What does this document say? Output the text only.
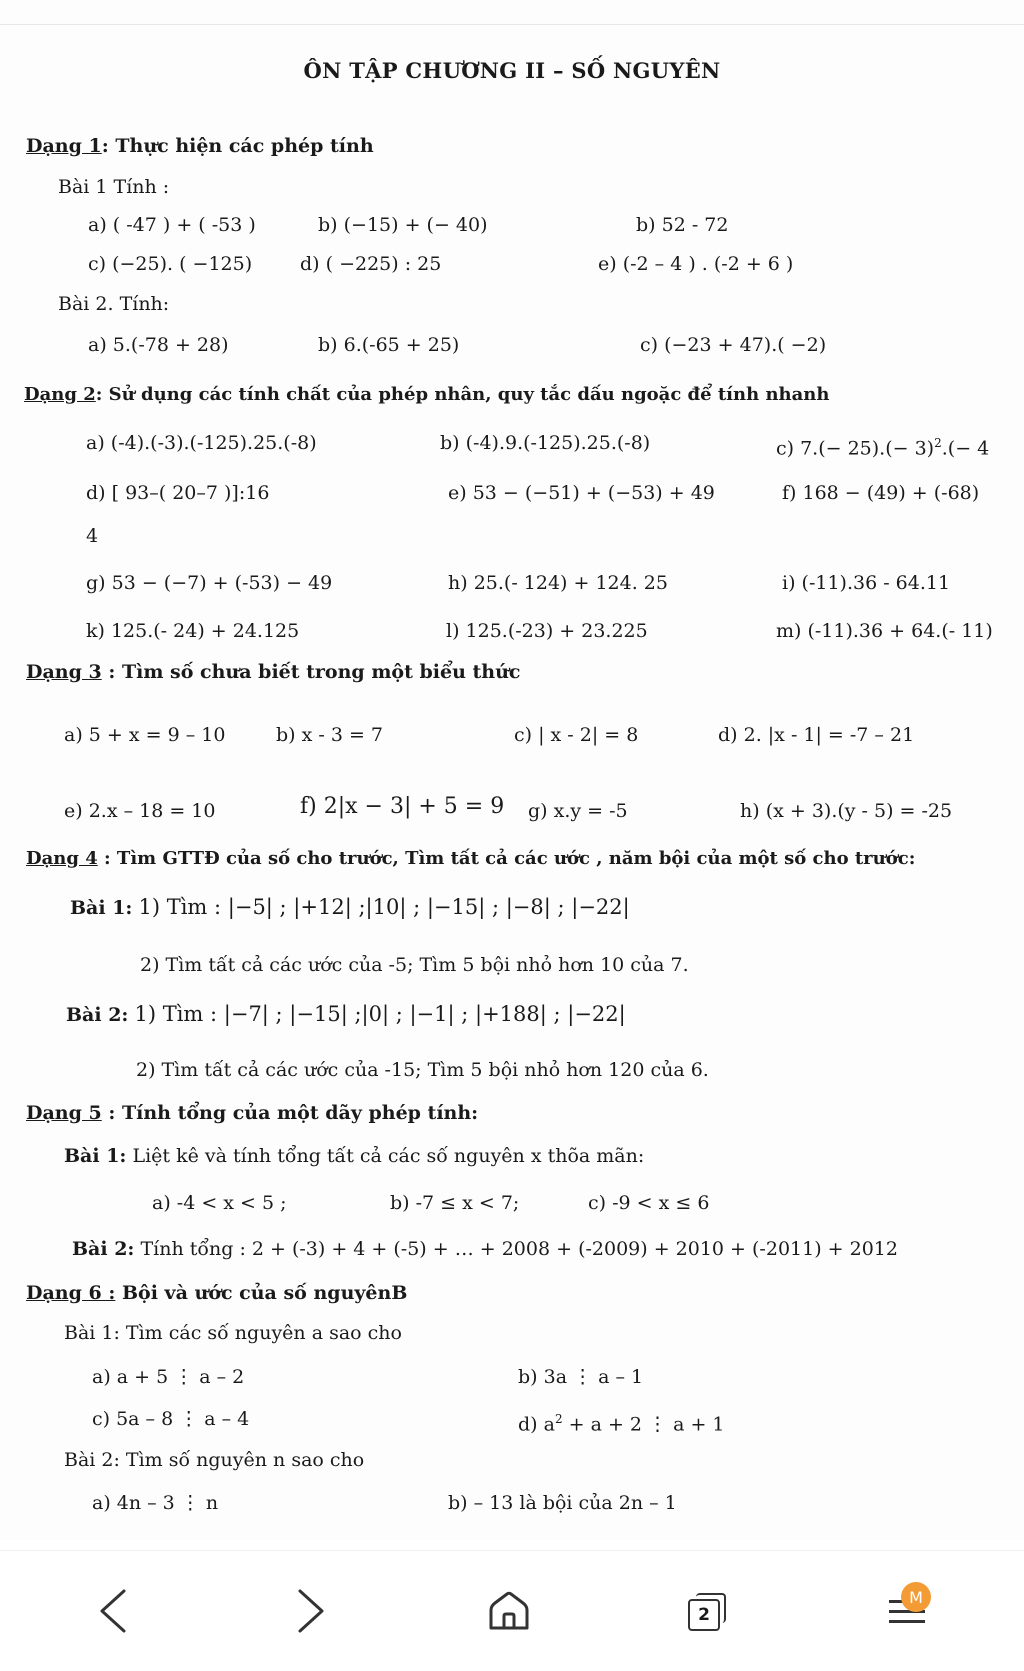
ÔN TẬP CHƯƠNG II – SỐ NGUYÊN
Dạng 1: Thực hiện các phép tính
Bài 1 Tính :
a) ( -47 ) + ( -53 )	b) (−15) + (− 40)	b) 52 - 72
c) (−25). ( −125)	d) ( −225) : 25	e) (-2 – 4 ) . (-2 + 6 )
Bài 2. Tính:
a) 5.(-78 + 28)	b) 6.(-65 + 25)	c) (−23 + 47).( −2)
Dạng 2: Sử dụng các tính chất của phép nhân, quy tắc dấu ngoặc để tính nhanh
a) (-4).(-3).(-125).25.(-8)	b) (-4).9.(-125).25.(-8)	c) $7.(- 25).(- 3)^2.(- 4$
d) [ 93–( 20–7 )]:16	e) 53 − (−51) + (−53) + 49	f) 168 − (49) + (-68)
4
g) 53 − (−7) + (-53) − 49	h) 25.(- 124) + 124. 25	i) (-11).36 - 64.11
k) 125.(- 24) + 24.125	l) 125.(-23) + 23.225	m) (-11).36 + 64.(- 11)
Dạng 3 : Tìm số chưa biết trong một biểu thức
a) 5 + x = 9 – 10	b) x - 3 = 7	c) | x - 2| = 8	d) 2. |x - 1| = -7 – 21
e) 2.x – 18 = 10	f) 2|x − 3| + 5 = 9 g) x.y = -5	h) (x + 3).(y - 5) = -25
Dạng 4 : Tìm GTTĐ của số cho trước, Tìm tất cả các ước , năm bội của một số cho trước:
Bài 1: 1) Tìm : |−5| ; |+12| ;|10| ; |−15| ; |−8| ; |−22|
2) Tìm tất cả các ước của -5; Tìm 5 bội nhỏ hơn 10 của 7.
Bài 2: 1) Tìm : |−7| ; |−15| ;|0| ; |−1| ; |+188| ; |−22|
2) Tìm tất cả các ước của -15; Tìm 5 bội nhỏ hơn 120 của 6.
Dạng 5 : Tính tổng của một dãy phép tính:
Bài 1: Liệt kê và tính tổng tất cả các số nguyên x thõa mãn:
a) -4 < x < 5 ;	b) -7 ≤ x < 7;	c) -9 < x ≤ 6
Bài 2: Tính tổng : 2 + (-3) + 4 + (-5) + … + 2008 + (-2009) + 2010 + (-2011) + 2012
Dạng 6 : Bội và ước của số nguyênB
Bài 1: Tìm các số nguyên a sao cho
a) a + 5 ⋮ a – 2	b) 3a ⋮ a – 1
c) 5a – 8 ⋮ a – 4	d) $a^2 + a + 2$ ⋮ a + 1
Bài 2: Tìm số nguyên n sao cho
a) 4n – 3 ⋮ n	b) – 13 là bội của 2n – 1
2
M
